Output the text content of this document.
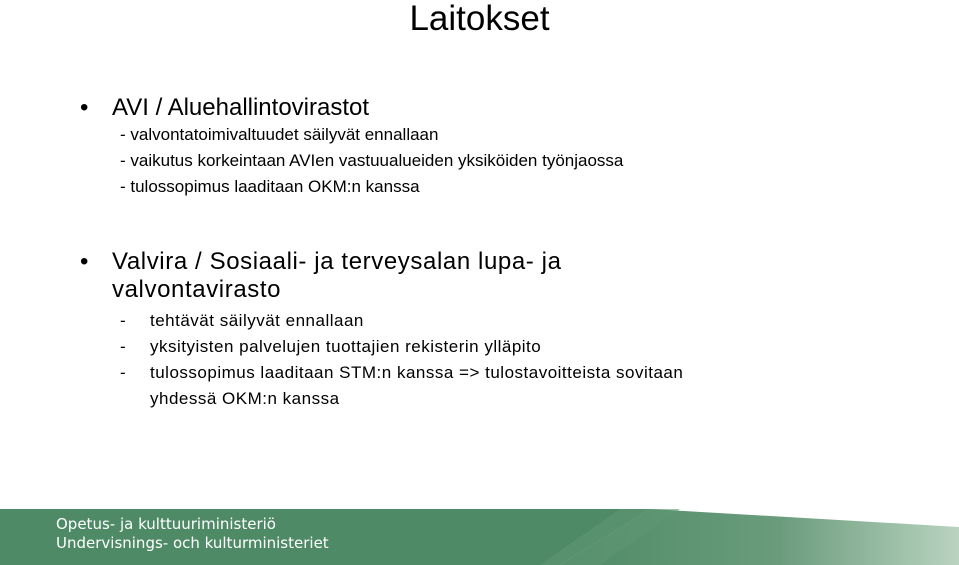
Laitokset
• AVI / Aluehallintovirastot
- valvontatoimivaltuudet säilyvät ennallaan
- vaikutus korkeintaan AVIen vastuualueiden yksiköiden työnjaossa
- tulossopimus laaditaan OKM:n kanssa
• Valvira / Sosiaali- ja terveysalan lupa- ja
valvontavirasto
- tehtävät säilyvät ennallaan
- yksityisten palvelujen tuottajien rekisterin ylläpito
- tulossopimus laaditaan STM:n kanssa => tulostavoitteista sovitaan
yhdessä OKM:n kanssa
Opetus- ja kulttuuriministeriö
Undervisnings- och kulturministeriet
